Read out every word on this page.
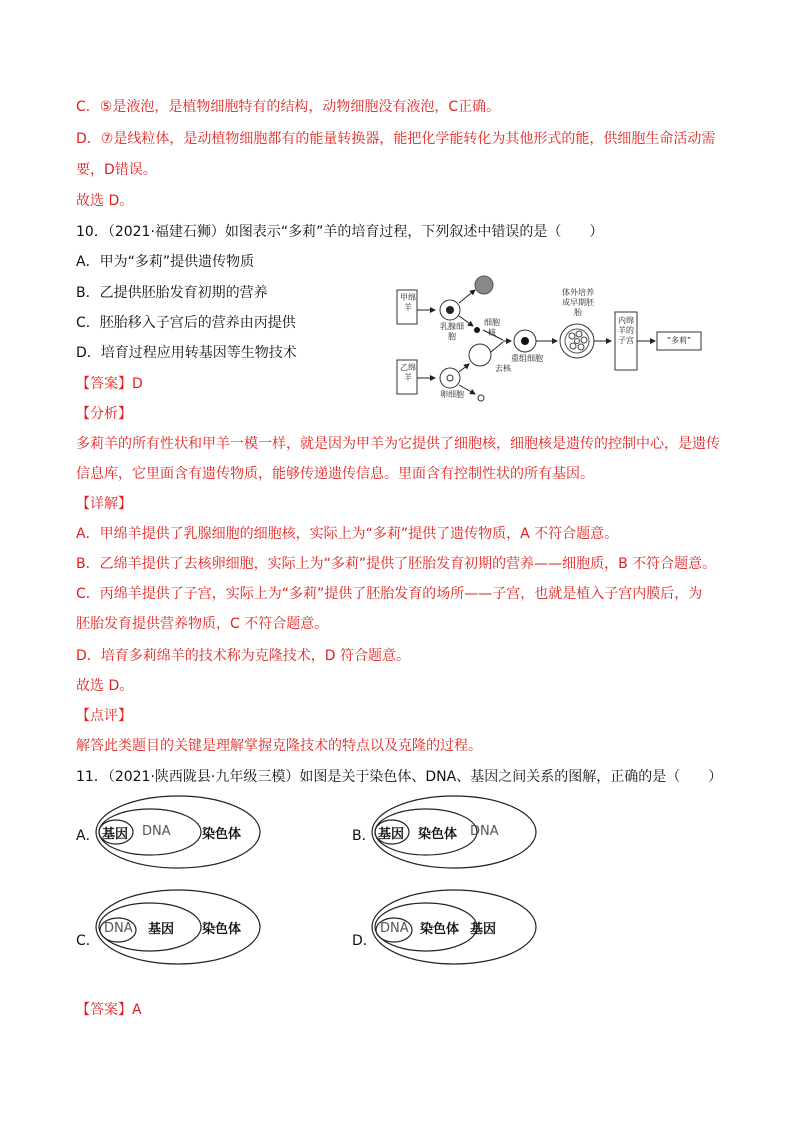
C．⑤是液泡，是植物细胞特有的结构，动物细胞没有液泡，C正确。
D．⑦是线粒体，是动植物细胞都有的能量转换器，能把化学能转化为其他形式的能，供细胞生命活动需
要，D错误。
故选 D。
10．（2021·福建石狮）如图表示“多莉”羊的培育过程，下列叙述中错误的是（　　）
A．甲为“多莉”提供遗传物质
B．乙提供胚胎发育初期的营养
C．胚胎移入子宫后的营养由丙提供
D．培育过程应用转基因等生物技术
【答案】D
甲绵羊
乙绵羊
乳腺细胞
细胞核
去核
卵细胞
重组细胞
体外培养成早期胚胎
内绵羊的子宫	“多莉”
【分析】
多莉羊的所有性状和甲羊一模一样，就是因为甲羊为它提供了细胞核，细胞核是遗传的控制中心，是遗传
信息库，它里面含有遗传物质，能够传递遗传信息。里面含有控制性状的所有基因。
【详解】
A．甲绵羊提供了乳腺细胞的细胞核，实际上为“多莉”提供了遗传物质，A 不符合题意。
B．乙绵羊提供了去核卵细胞，实际上为“多莉”提供了胚胎发育初期的营养——细胞质，B 不符合题意。
C．丙绵羊提供了子宫，实际上为“多莉”提供了胚胎发育的场所——子宫，也就是植入子宫内膜后，为
胚胎发育提供营养物质，C 不符合题意。
D．培育多莉绵羊的技术称为克隆技术，D 符合题意。
故选 D。
【点评】
解答此类题目的关键是理解掌握克隆技术的特点以及克隆的过程。
11．（2021·陕西陇县·九年级三模）如图是关于染色体、DNA、基因之间关系的图解，正确的是（　　）
A． 基因 DNA 染色体	B． 基因 染色体 DNA
C．
DNA 基因 染色体
D．
DNA 染色体 基因
【答案】A
